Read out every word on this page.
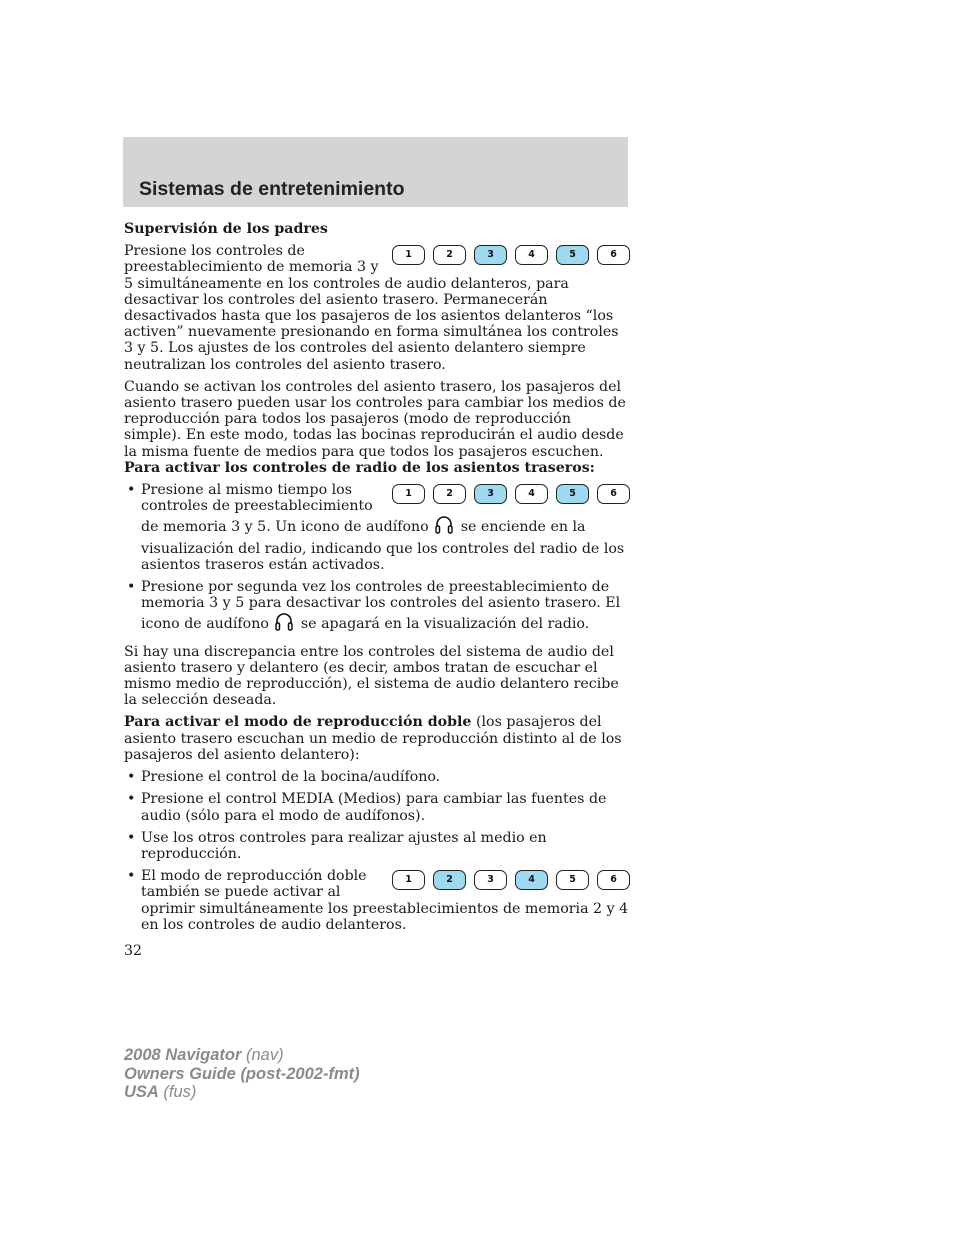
Sistemas de entretenimiento

Supervisión de los padres

1	2	3	4	5	6
Presione los controles de preestablecimiento de memoria 3 y 5 simultáneamente en los controles de audio delanteros, para desactivar los controles del asiento trasero. Permanecerán desactivados hasta que los pasajeros de los asientos delanteros “los activen” nuevamente presionando en forma simultánea los controles 3 y 5. Los ajustes de los controles del asiento delantero siempre neutralizan los controles del asiento trasero.

Cuando se activan los controles del asiento trasero, los pasajeros del asiento trasero pueden usar los controles para cambiar los medios de reproducción para todos los pasajeros (modo de reproducción simple). En este modo, todas las bocinas reproducirán el audio desde la misma fuente de medios para que todos los pasajeros escuchen.

Para activar los controles de radio de los asientos traseros:

• 1	2	3	4	5	6
Presione al mismo tiempo los controles de preestablecimiento de memoria 3 y 5. Un icono de audífono se enciende en la visualización del radio, indicando que los controles del radio de los asientos traseros están activados.
• Presione por segunda vez los controles de preestablecimiento de memoria 3 y 5 para desactivar los controles del asiento trasero. El icono de audífono se apagará en la visualización del radio.

Si hay una discrepancia entre los controles del sistema de audio del asiento trasero y delantero (es decir, ambos tratan de escuchar el mismo medio de reproducción), el sistema de audio delantero recibe la selección deseada.

Para activar el modo de reproducción doble (los pasajeros del asiento trasero escuchan un medio de reproducción distinto al de los pasajeros del asiento delantero):

• Presione el control de la bocina/audífono.
• Presione el control MEDIA (Medios) para cambiar las fuentes de audio (sólo para el modo de audífonos).
• Use los otros controles para realizar ajustes al medio en reproducción.
• 1	2	3	4	5	6
El modo de reproducción doble también se puede activar al oprimir simultáneamente los preestablecimientos de memoria 2 y 4 en los controles de audio delanteros.
32
2008 Navigator (nav)
Owners Guide (post-2002-fmt)
USA (fus)
